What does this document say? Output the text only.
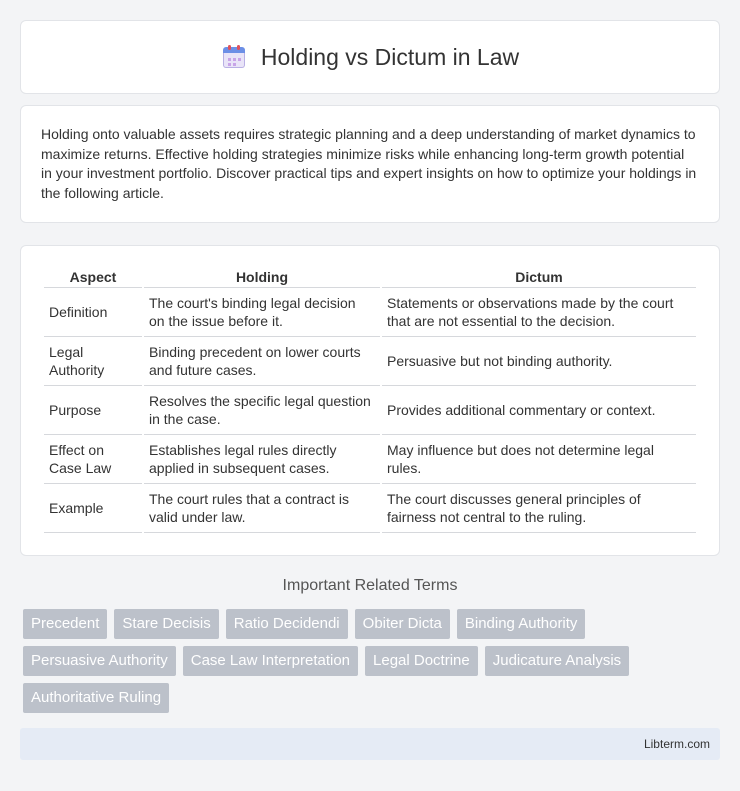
Holding vs Dictum in Law

Holding onto valuable assets requires strategic planning and a deep understanding of market dynamics to maximize returns. Effective holding strategies minimize risks while enhancing long-term growth potential in your investment portfolio. Discover practical tips and expert insights on how to optimize your holdings in the following article.

Aspect	Holding	Dictum
Definition	The court's binding legal decision on the issue before it.	Statements or observations made by the court that are not essential to the decision.
Legal Authority	Binding precedent on lower courts and future cases.	Persuasive but not binding authority.
Purpose	Resolves the specific legal question in the case.	Provides additional commentary or context.
Effect on Case Law	Establishes legal rules directly applied in subsequent cases.	May influence but does not determine legal rules.
Example	The court rules that a contract is valid under law.	The court discusses general principles of fairness not central to the ruling.
Important Related Terms
Precedent	Stare Decisis	Ratio Decidendi	Obiter Dicta	Binding Authority
Persuasive Authority	Case Law Interpretation	Legal Doctrine	Judicature Analysis
Authoritative Ruling
Libterm.com
